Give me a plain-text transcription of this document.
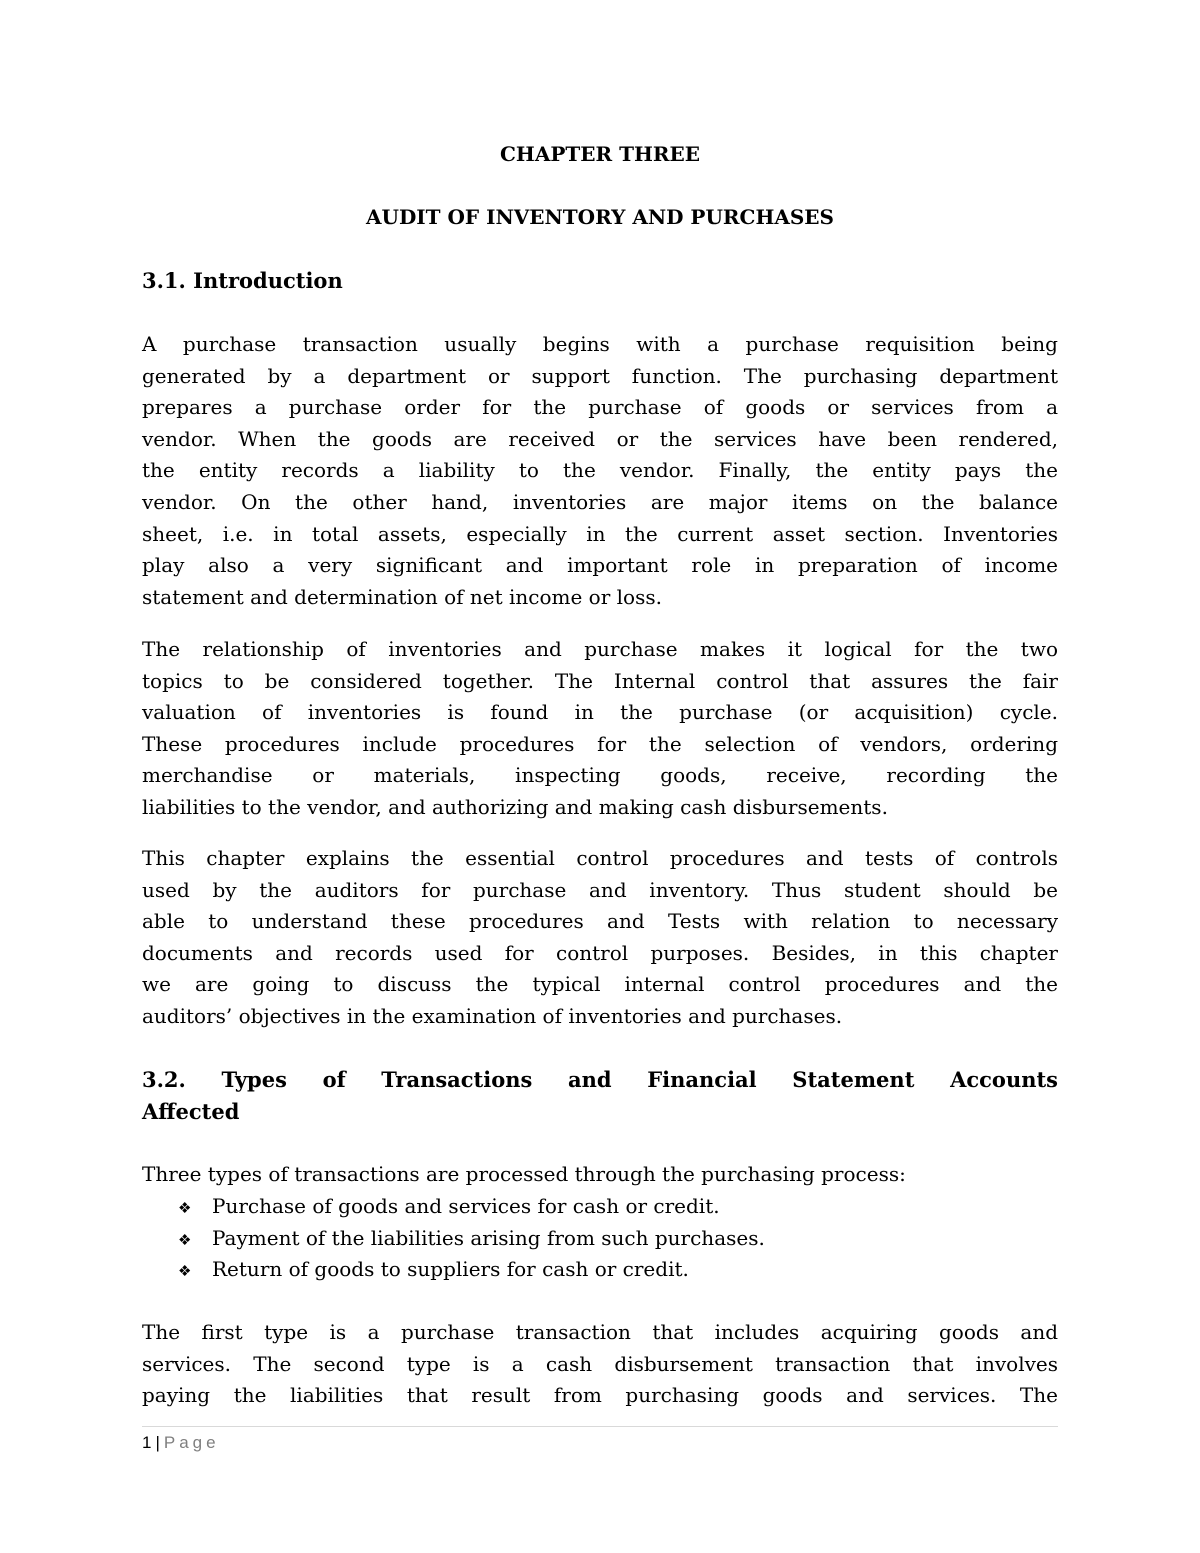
CHAPTER THREE
AUDIT OF INVENTORY AND PURCHASES
3.1. Introduction
A purchase transaction usually begins with a purchase requisition being
generated by a department or support function. The purchasing department
prepares a purchase order for the purchase of goods or services from a
vendor. When the goods are received or the services have been rendered,
the entity records a liability to the vendor. Finally, the entity pays the
vendor. On the other hand, inventories are major items on the balance
sheet, i.e. in total assets, especially in the current asset section. Inventories
play also a very significant and important role in preparation of income
statement and determination of net income or loss.
The relationship of inventories and purchase makes it logical for the two
topics to be considered together. The Internal control that assures the fair
valuation of inventories is found in the purchase (or acquisition) cycle.
These procedures include procedures for the selection of vendors, ordering
merchandise or materials, inspecting goods, receive, recording the
liabilities to the vendor, and authorizing and making cash disbursements.
This chapter explains the essential control procedures and tests of controls
used by the auditors for purchase and inventory. Thus student should be
able to understand these procedures and Tests with relation to necessary
documents and records used for control purposes. Besides, in this chapter
we are going to discuss the typical internal control procedures and the
auditors’ objectives in the examination of inventories and purchases.
3.2. Types of Transactions and Financial Statement Accounts
Affected
Three types of transactions are processed through the purchasing process:
❖ Purchase of goods and services for cash or credit.
❖ Payment of the liabilities arising from such purchases.
❖ Return of goods to suppliers for cash or credit.
The first type is a purchase transaction that includes acquiring goods and
services. The second type is a cash disbursement transaction that involves
paying the liabilities that result from purchasing goods and services. The
1 | Page
